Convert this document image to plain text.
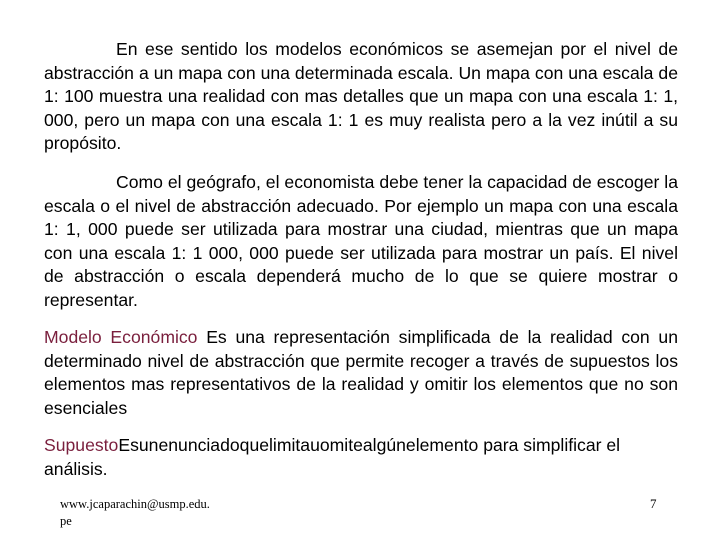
En ese sentido los modelos económicos se asemejan por el nivel de abstracción a un mapa con una determinada escala. Un mapa con una escala de 1: 100 muestra una realidad con mas detalles que un mapa con una escala 1: 1, 000, pero un mapa con una escala 1: 1 es muy realista pero a la vez inútil a su propósito.

Como el geógrafo, el economista debe tener la capacidad de escoger la escala o el nivel de abstracción adecuado. Por ejemplo un mapa con una escala 1: 1, 000 puede ser utilizada para mostrar una ciudad, mientras que un mapa con una escala 1: 1 000, 000 puede ser utilizada para mostrar un país. El nivel de abstracción o escala dependerá mucho de lo que se quiere mostrar o representar.

Modelo Económico Es una representación simplificada de la realidad con un determinado nivel de abstracción que permite recoger a través de supuestos los elementos mas representativos de la realidad y omitir los elementos que no son esenciales

SupuestoEsunenunciadoquelimitauomitealgúnelemento para simplificar el análisis.

www.jcaparachin@usmp.edu.pe
7
